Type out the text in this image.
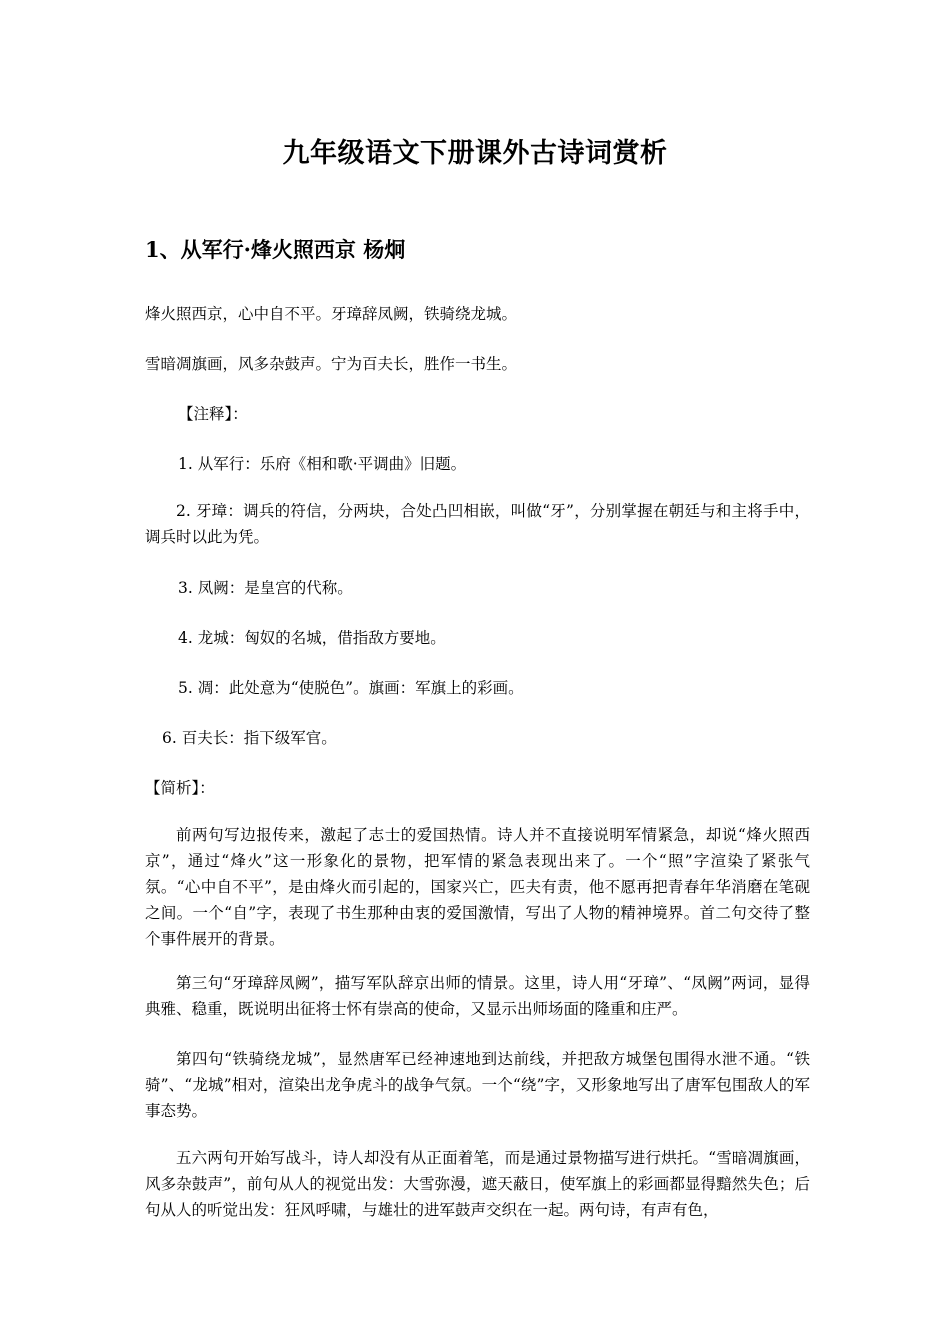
九年级语文下册课外古诗词赏析
1、从军行·烽火照西京 杨炯
烽火照西京，心中自不平。牙璋辞凤阙，铁骑绕龙城。
雪暗凋旗画，风多杂鼓声。宁为百夫长，胜作一书生。
【注释】：
1. 从军行：乐府《相和歌·平调曲》旧题。
2. 牙璋：调兵的符信，分两块，合处凸凹相嵌，叫做“牙”，分别掌握在朝廷与和主将手中，调兵时以此为凭。
3. 凤阙：是皇宫的代称。
4. 龙城：匈奴的名城，借指敌方要地。
5. 凋：此处意为“使脱色”。旗画：军旗上的彩画。
6. 百夫长：指下级军官。
【简析】：
前两句写边报传来，激起了志士的爱国热情。诗人并不直接说明军情紧急，却说“烽火照西京”，通过“烽火”这一形象化的景物，把军情的紧急表现出来了。一个“照”字渲染了紧张气氛。“心中自不平”，是由烽火而引起的，国家兴亡，匹夫有责，他不愿再把青春年华消磨在笔砚之间。一个“自”字，表现了书生那种由衷的爱国激情，写出了人物的精神境界。首二句交待了整个事件展开的背景。
第三句“牙璋辞凤阙”，描写军队辞京出师的情景。这里，诗人用“牙璋”、“凤阙”两词，显得典雅、稳重，既说明出征将士怀有崇高的使命，又显示出师场面的隆重和庄严。
第四句“铁骑绕龙城”，显然唐军已经神速地到达前线，并把敌方城堡包围得水泄不通。“铁骑”、“龙城”相对，渲染出龙争虎斗的战争气氛。一个“绕”字，又形象地写出了唐军包围敌人的军事态势。
五六两句开始写战斗，诗人却没有从正面着笔，而是通过景物描写进行烘托。“雪暗凋旗画，风多杂鼓声”，前句从人的视觉出发：大雪弥漫，遮天蔽日，使军旗上的彩画都显得黯然失色；后句从人的听觉出发：狂风呼啸，与雄壮的进军鼓声交织在一起。两句诗，有声有色，
